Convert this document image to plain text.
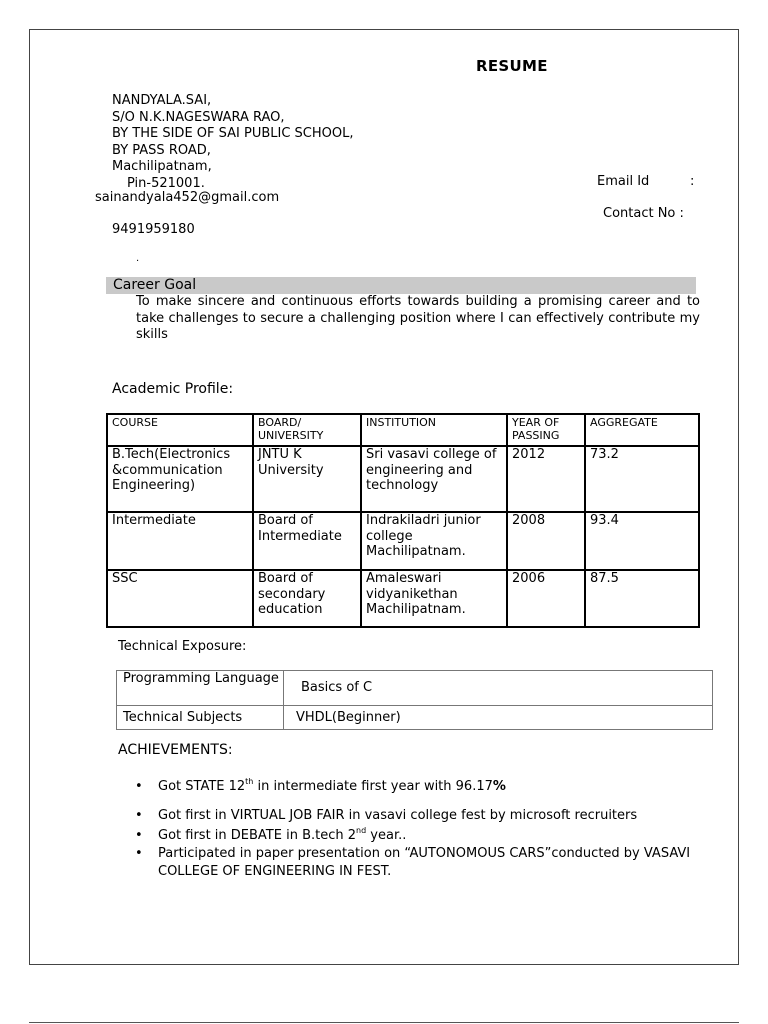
RESUME
NANDYALA.SAI,
S/O N.K.NAGESWARA RAO,
BY THE SIDE OF SAI PUBLIC SCHOOL,
BY PASS ROAD,
Machilipatnam,
Pin-521001.	Email Id	:
sainandyala452@gmail.com
Contact No :
9491959180
.
Career Goal
To make sincere and continuous efforts towards building a promising career and to take challenges to secure a challenging position where I can effectively contribute my skills
Academic Profile:
COURSE	BOARD/ UNIVERSITY	INSTITUTION	YEAR OF PASSING	AGGREGATE
B.Tech(Electronics &communication Engineering)	JNTU K University	Sri vasavi college of engineering and technology	2012	73.2
Intermediate	Board of Intermediate	Indrakiladri junior college Machilipatnam.	2008	93.4
SSC	Board of secondary education	Amaleswari vidyanikethan Machilipatnam.	2006	87.5
Technical Exposure:
Programming Language	Basics of C
Technical Subjects	VHDL(Beginner)
ACHIEVEMENTS:
• Got STATE 12th in intermediate first year with 96.17%
• Got first in VIRTUAL JOB FAIR in vasavi college fest by microsoft recruiters
• Got first in DEBATE in B.tech 2nd year..
• Participated in paper presentation on “AUTONOMOUS CARS”conducted by VASAVI COLLEGE OF ENGINEERING IN FEST.
